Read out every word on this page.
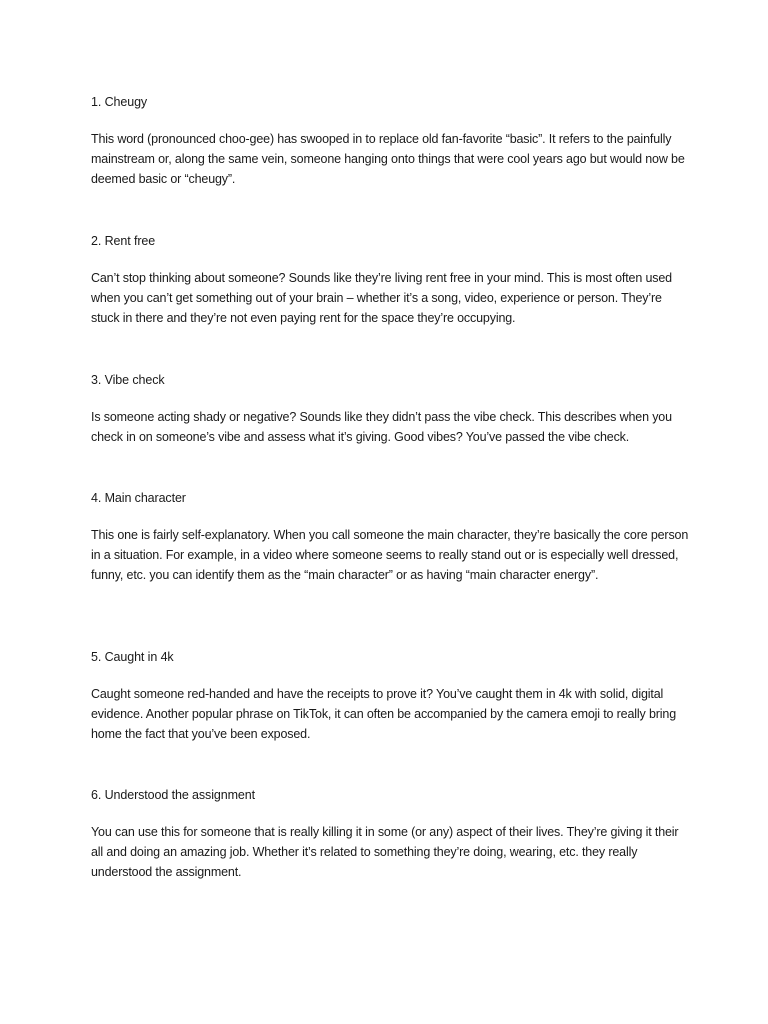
1. Cheugy

This word (pronounced choo-gee) has swooped in to replace old fan-favorite “basic”. It refers to the painfully mainstream or, along the same vein, someone hanging onto things that were cool years ago but would now be deemed basic or “cheugy”.

2. Rent free

Can’t stop thinking about someone? Sounds like they’re living rent free in your mind. This is most often used when you can’t get something out of your brain – whether it’s a song, video, experience or person. They’re stuck in there and they’re not even paying rent for the space they’re occupying.

3. Vibe check

Is someone acting shady or negative? Sounds like they didn’t pass the vibe check. This describes when you check in on someone’s vibe and assess what it’s giving. Good vibes? You’ve passed the vibe check.

4. Main character

This one is fairly self-explanatory. When you call someone the main character, they’re basically the core person in a situation. For example, in a video where someone seems to really stand out or is especially well dressed, funny, etc. you can identify them as the “main character” or as having “main character energy”.

5. Caught in 4k

Caught someone red-handed and have the receipts to prove it? You’ve caught them in 4k with solid, digital evidence. Another popular phrase on TikTok, it can often be accompanied by the camera emoji to really bring home the fact that you’ve been exposed.

6. Understood the assignment

You can use this for someone that is really killing it in some (or any) aspect of their lives. They’re giving it their all and doing an amazing job. Whether it’s related to something they’re doing, wearing, etc. they really understood the assignment.
